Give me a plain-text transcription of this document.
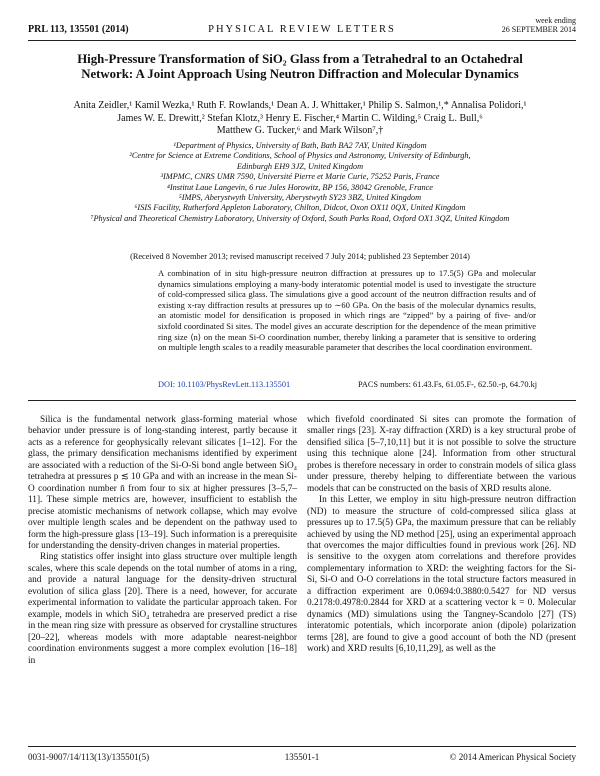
PRL 113, 135501 (2014)	PHYSICAL REVIEW LETTERS
week ending
26 SEPTEMBER 2014
High-Pressure Transformation of SiO₂ Glass from a Tetrahedral to an Octahedral
Network: A Joint Approach Using Neutron Diffraction and Molecular Dynamics
Anita Zeidler,¹ Kamil Wezka,¹ Ruth F. Rowlands,¹ Dean A. J. Whittaker,¹ Philip S. Salmon,¹,* Annalisa Polidori,¹
James W. E. Drewitt,² Stefan Klotz,³ Henry E. Fischer,⁴ Martin C. Wilding,⁵ Craig L. Bull,⁶
Matthew G. Tucker,⁶ and Mark Wilson⁷,†
¹Department of Physics, University of Bath, Bath BA2 7AY, United Kingdom
²Centre for Science at Extreme Conditions, School of Physics and Astronomy, University of Edinburgh,
Edinburgh EH9 3JZ, United Kingdom
³IMPMC, CNRS UMR 7590, Université Pierre et Marie Curie, 75252 Paris, France
⁴Institut Laue Langevin, 6 rue Jules Horowitz, BP 156, 38042 Grenoble, France
⁵IMPS, Aberystwyth University, Aberystwyth SY23 3BZ, United Kingdom
⁶ISIS Facility, Rutherford Appleton Laboratory, Chilton, Didcot, Oxon OX11 0QX, United Kingdom
⁷Physical and Theoretical Chemistry Laboratory, University of Oxford, South Parks Road, Oxford OX1 3QZ, United Kingdom
(Received 8 November 2013; revised manuscript received 7 July 2014; published 23 September 2014)
A combination of in situ high-pressure neutron diffraction at pressures up to 17.5(5) GPa and molecular dynamics simulations employing a many-body interatomic potential model is used to investigate the structure of cold-compressed silica glass. The simulations give a good account of the neutron diffraction results and of existing x-ray diffraction results at pressures up to ∼60 GPa. On the basis of the molecular dynamics results, an atomistic model for densification is proposed in which rings are “zipped” by a pairing of five- and/or sixfold coordinated Si sites. The model gives an accurate description for the dependence of the mean primitive ring size ⟨n⟩ on the mean Si-O coordination number, thereby linking a parameter that is sensitive to ordering on multiple length scales to a readily measurable parameter that describes the local coordination environment.
DOI: 10.1103/PhysRevLett.113.135501	PACS numbers: 61.43.Fs, 61.05.F-, 62.50.-p, 64.70.kj

Silica is the fundamental network glass-forming material whose behavior under pressure is of long-standing interest, partly because it acts as a reference for geophysically relevant silicates [1–12]. For the glass, the primary densification mechanisms identified by experiment are associated with a reduction of the Si-O-Si bond angle between SiO₄ tetrahedra at pressures p ≲ 10 GPa and with an increase in the mean Si-O coordination number n̄ from four to six at higher pressures [3–5,7–11]. These simple metrics are, however, insufficient to establish the precise atomistic mechanisms of network collapse, which may evolve over multiple length scales and be dependent on the pathway used to form the high-pressure glass [13–19]. Such information is a prerequisite for understanding the density-driven changes in material properties.

Ring statistics offer insight into glass structure over multiple length scales, where this scale depends on the total number of atoms in a ring, and provide a natural language for the density-driven structural evolution of silica glass [20]. There is a need, however, for accurate experimental information to validate the particular approach taken. For example, models in which SiO₄ tetrahedra are preserved predict a rise in the mean ring size with pressure as observed for crystalline structures [20–22], whereas models with more adaptable nearest-neighbor coordination environments suggest a more complex evolution [16–18] in

which fivefold coordinated Si sites can promote the formation of smaller rings [23]. X-ray diffraction (XRD) is a key structural probe of densified silica [5–7,10,11] but it is not possible to solve the structure using this technique alone [24]. Information from other structural probes is therefore necessary in order to constrain models of silica glass under pressure, thereby helping to differentiate between the various models that can be constructed on the basis of XRD results alone.

In this Letter, we employ in situ high-pressure neutron diffraction (ND) to measure the structure of cold-compressed silica glass at pressures up to 17.5(5) GPa, the maximum pressure that can be reliably achieved by using the ND method [25], using an experimental approach that overcomes the major difficulties found in previous work [26]. ND is sensitive to the oxygen atom correlations and therefore provides complementary information to XRD: the weighting factors for the Si-Si, Si-O and O-O correlations in the total structure factors measured in a diffraction experiment are 0.0694:0.3880:0.5427 for ND versus 0.2178:0.4978:0.2844 for XRD at a scattering vector k = 0. Molecular dynamics (MD) simulations using the Tangney-Scandolo [27] (TS) interatomic potentials, which incorporate anion (dipole) polarization terms [28], are found to give a good account of both the ND (present work) and XRD results [6,10,11,29], as well as the

0031-9007/14/113(13)/135501(5)	135501-1	© 2014 American Physical Society
